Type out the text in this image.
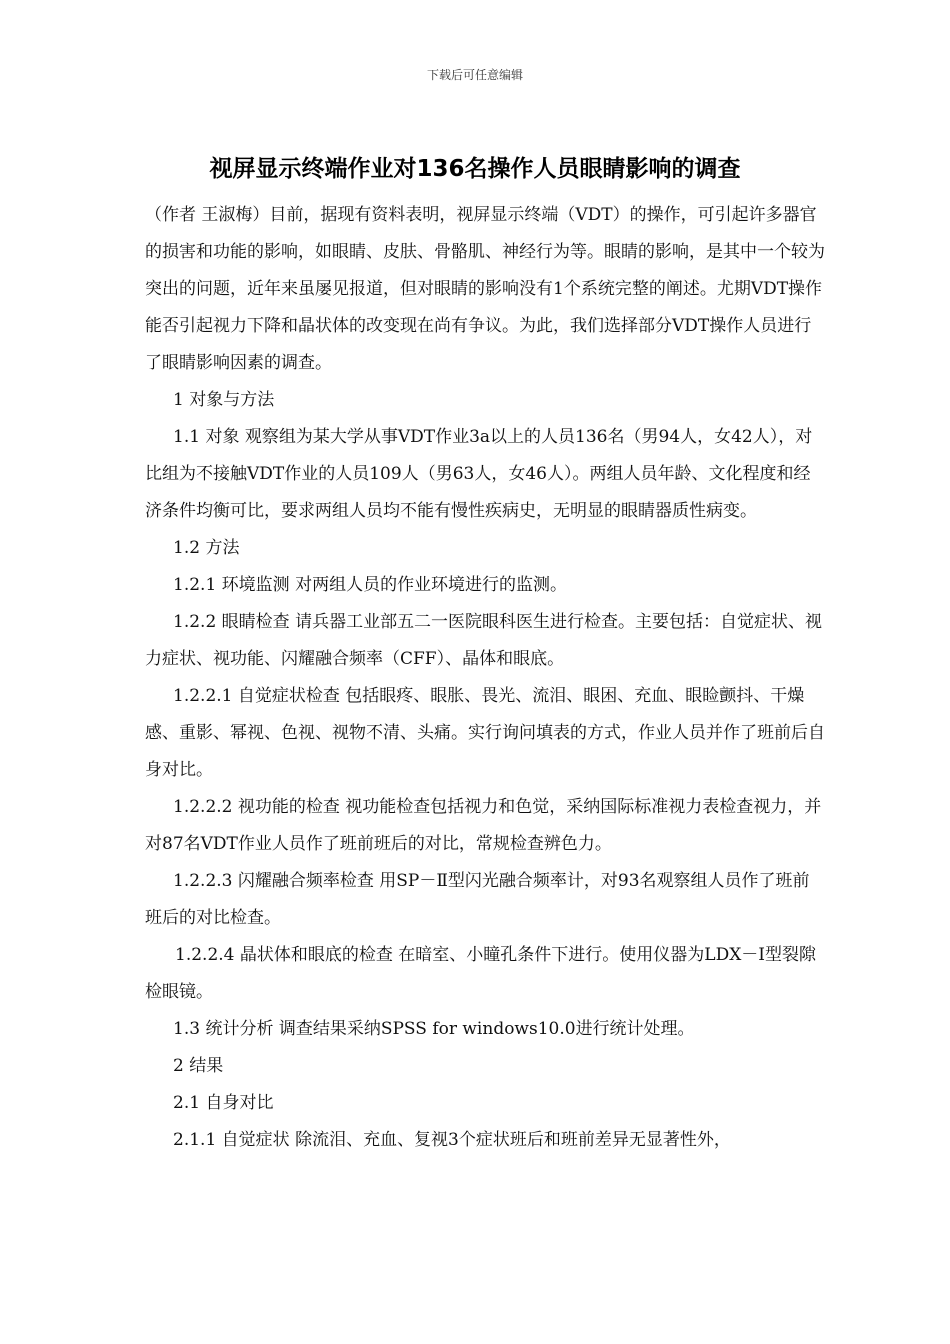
下载后可任意编辑
视屏显示终端作业对136名操作人员眼睛影响的调查

（作者 王淑梅）目前，据现有资料表明，视屏显示终端（VDT）的操作，可引起许多器官的损害和功能的影响，如眼睛、皮肤、骨骼肌、神经行为等。眼睛的影响，是其中一个较为突出的问题，近年来虽屡见报道，但对眼睛的影响没有1个系统完整的阐述。尤期VDT操作能否引起视力下降和晶状体的改变现在尚有争议。为此，我们选择部分VDT操作人员进行了眼睛影响因素的调查。

1 对象与方法

1.1 对象 观察组为某大学从事VDT作业3a以上的人员136名（男94人，女42人），对比组为不接触VDT作业的人员109人（男63人，女46人）。两组人员年龄、文化程度和经济条件均衡可比，要求两组人员均不能有慢性疾病史，无明显的眼睛器质性病变。

1.2 方法

1.2.1 环境监测 对两组人员的作业环境进行的监测。

1.2.2 眼睛检查 请兵器工业部五二一医院眼科医生进行检查。主要包括：自觉症状、视

力症状、视功能、闪耀融合频率（CFF）、晶体和眼底。

1.2.2.1 自觉症状检查 包括眼疼、眼胀、畏光、流泪、眼困、充血、眼睑颤抖、干燥感、重影、幂视、色视、视物不清、头痛。实行询问填表的方式，作业人员并作了班前后自身对比。

1.2.2.2 视功能的检查 视功能检查包括视力和色觉，采纳国际标准视力表检查视力，并对87名VDT作业人员作了班前班后的对比，常规检查辨色力。

1.2.2.3 闪耀融合频率检查 用SP－Ⅱ型闪光融合频率计，对93名观察组人员作了班前班后的对比检查。

1.2.2.4 晶状体和眼底的检查 在暗室、小瞳孔条件下进行。使用仪器为LDX－Ⅰ型裂隙检眼镜。

1.3 统计分析 调查结果采纳SPSS for windows10.0进行统计处理。

2 结果

2.1 自身对比

2.1.1 自觉症状 除流泪、充血、复视3个症状班后和班前差异无显著性外，
